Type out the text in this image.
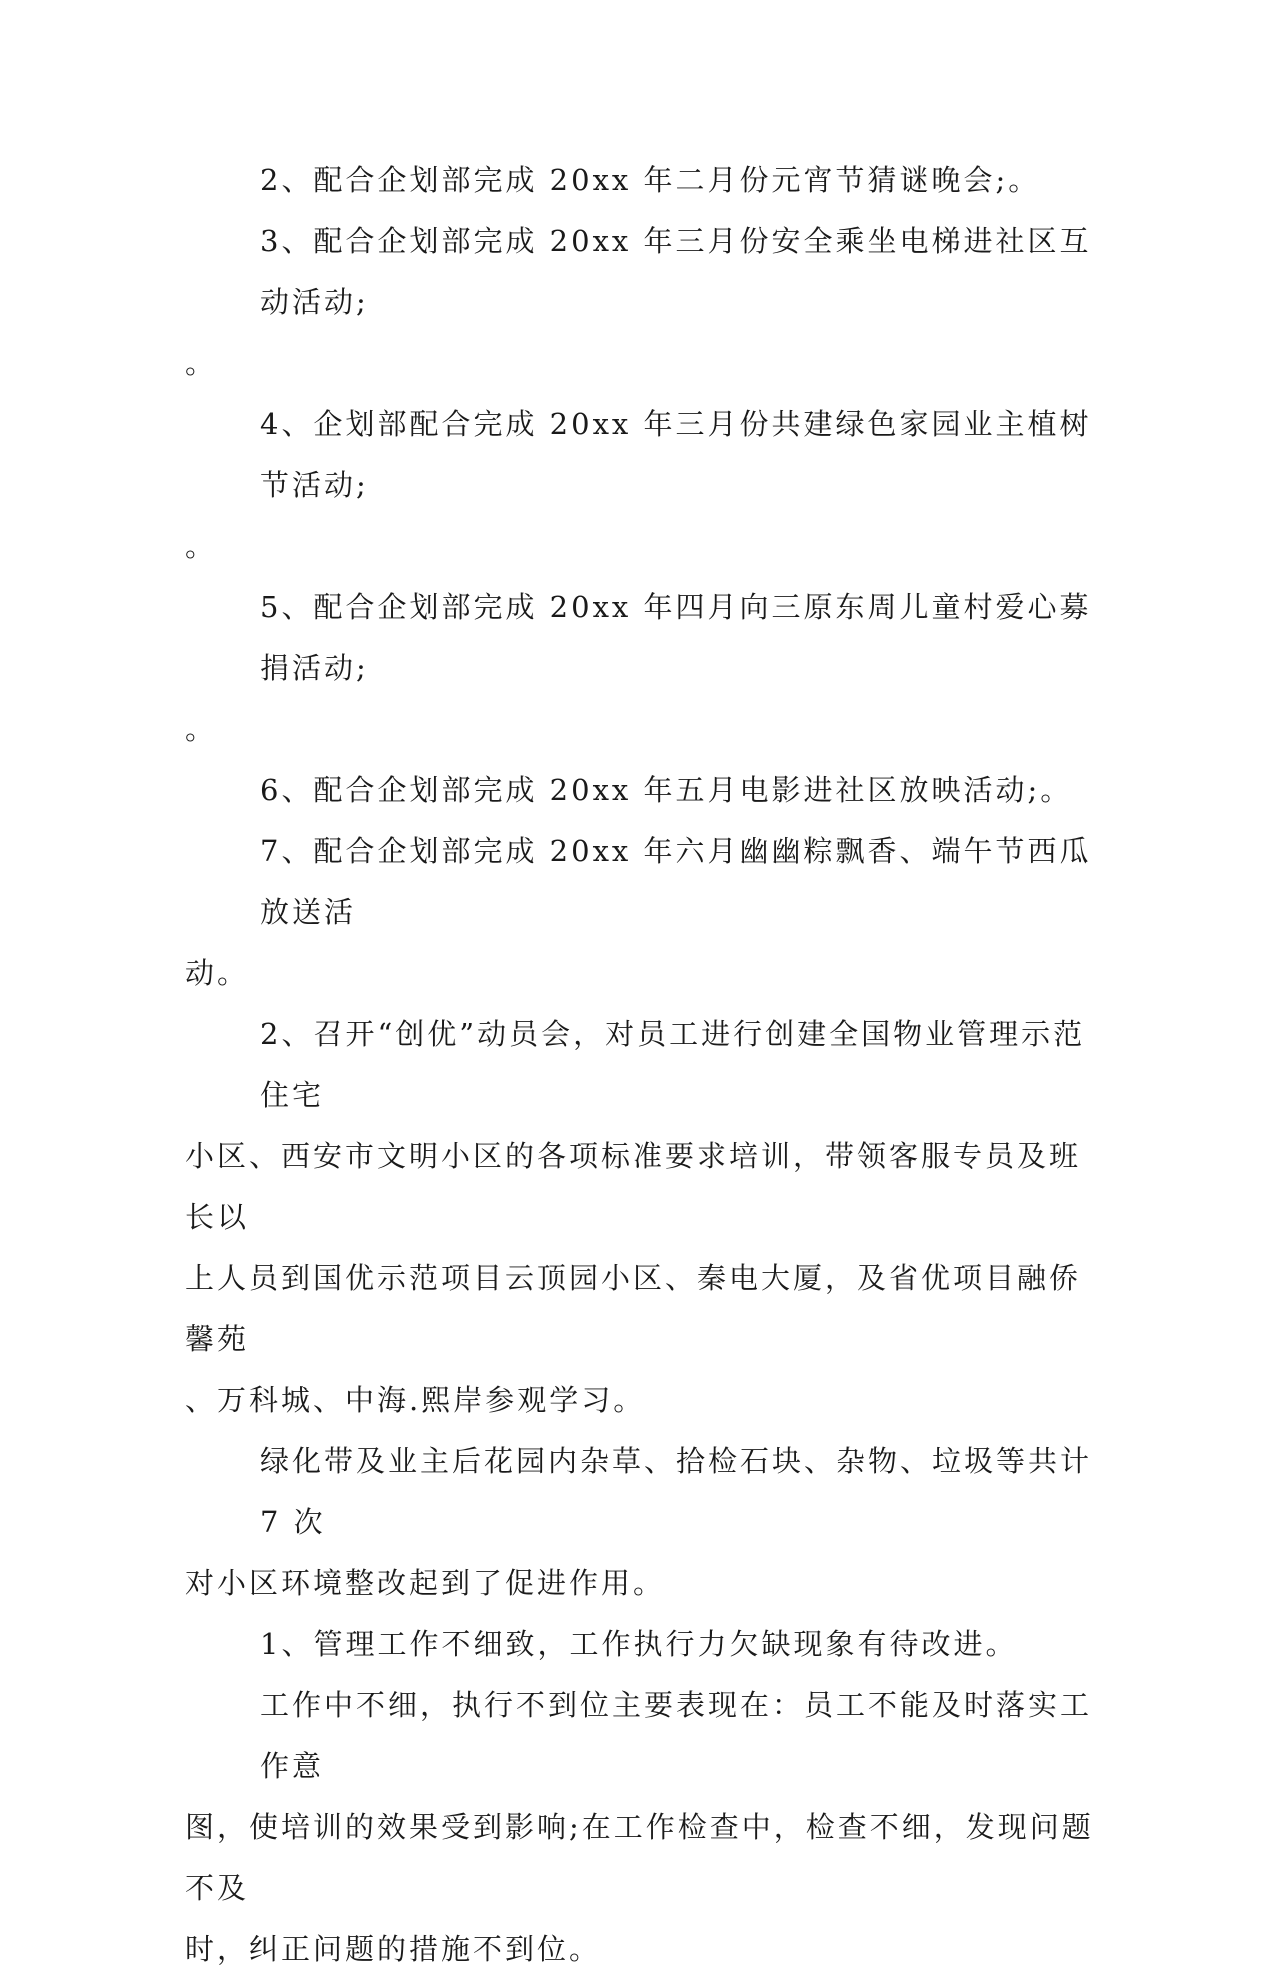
2、配合企划部完成 20xx 年二月份元宵节猜谜晚会;。
3、配合企划部完成 20xx 年三月份安全乘坐电梯进社区互动活动;
。
4、企划部配合完成 20xx 年三月份共建绿色家园业主植树节活动;
。
5、配合企划部完成 20xx 年四月向三原东周儿童村爱心募捐活动;
。
6、配合企划部完成 20xx 年五月电影进社区放映活动;。
7、配合企划部完成 20xx 年六月幽幽粽飘香、端午节西瓜放送活
动。
2、召开“创优”动员会，对员工进行创建全国物业管理示范住宅
小区、西安市文明小区的各项标准要求培训，带领客服专员及班长以
上人员到国优示范项目云顶园小区、秦电大厦，及省优项目融侨馨苑
、万科城、中海.熙岸参观学习。
绿化带及业主后花园内杂草、拾检石块、杂物、垃圾等共计 7 次
对小区环境整改起到了促进作用。
1、管理工作不细致，工作执行力欠缺现象有待改进。
工作中不细，执行不到位主要表现在：员工不能及时落实工作意
图，使培训的效果受到影响;在工作检查中，检查不细，发现问题不及
时，纠正问题的措施不到位。
